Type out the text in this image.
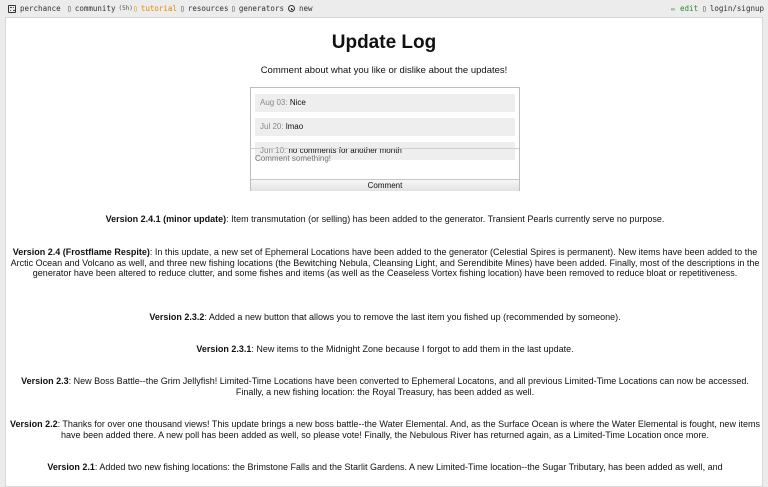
perchance ▯ community (5h) ▯ tutorial ▯ resources ▯ generators new	✏ edit ▯ login/signup
Update Log
Comment about what you like or dislike about the updates!
Aug 03: Nice
Jul 20: lmao
Jun 10: no comments for another month
Comment something!
Comment
Version 2.4.1 (minor update): Item transmutation (or selling) has been added to the generator. Transient Pearls currently serve no purpose.
Version 2.4 (Frostflame Respite): In this update, a new set of Ephemeral Locations have been added to the generator (Celestial Spires is permanent). New items have been added to the Arctic Ocean and Volcano as well, and three new fishing locations (the Bewitching Nebula, Cleansing Light, and Serendibite Mines) have been added. Finally, most of the descriptions in the generator have been altered to reduce clutter, and some fishes and items (as well as the Ceaseless Vortex fishing location) have been removed to reduce bloat or repetitiveness.
Version 2.3.2: Added a new button that allows you to remove the last item you fished up (recommended by someone).
Version 2.3.1: New items to the Midnight Zone because I forgot to add them in the last update.
Version 2.3: New Boss Battle--the Grim Jellyfish! Limited-Time Locations have been converted to Ephemeral Locatons, and all previous Limited-Time Locations can now be accessed. Finally, a new fishing location: the Royal Treasury, has been added as well.
Version 2.2: Thanks for over one thousand views! This update brings a new boss battle--the Water Elemental. And, as the Surface Ocean is where the Water Elemental is fought, new items have been added there. A new poll has been added as well, so please vote! Finally, the Nebulous River has returned again, as a Limited-Time Location once more.
Version 2.1: Added two new fishing locations: the Brimstone Falls and the Starlit Gardens. A new Limited-Time location--the Sugar Tributary, has been added as well, and
